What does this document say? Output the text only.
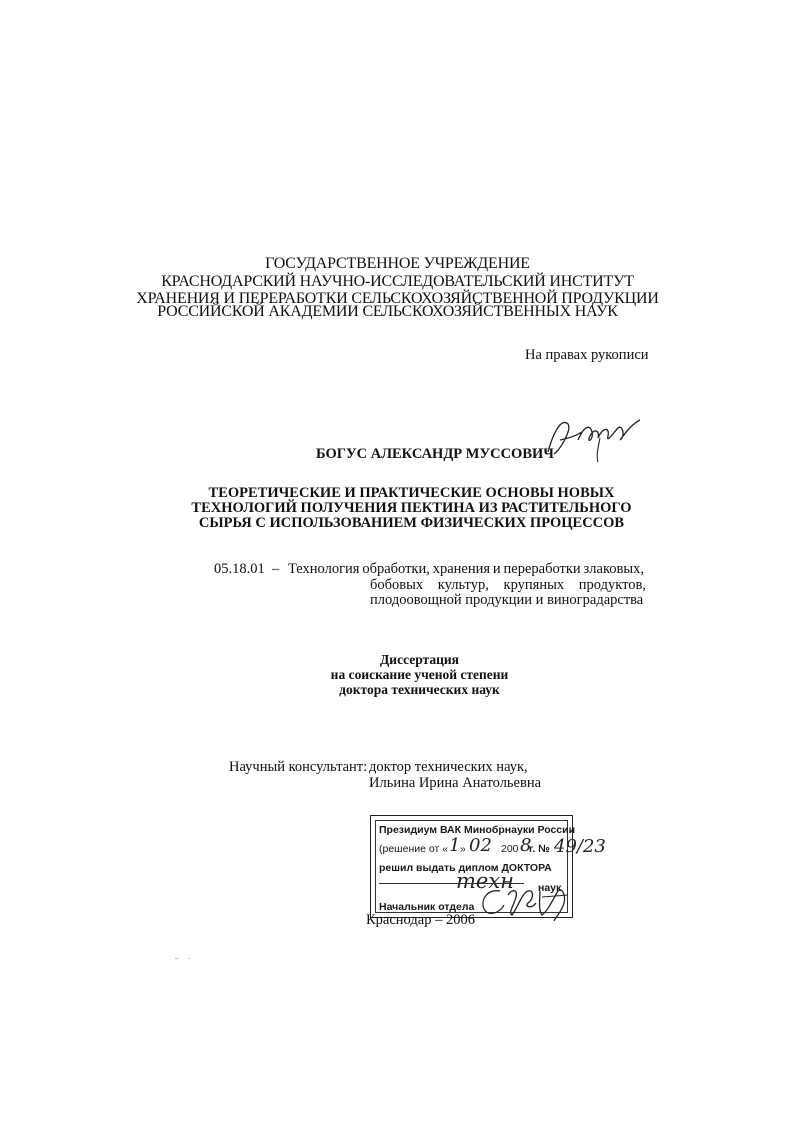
ГОСУДАРСТВЕННОЕ УЧРЕЖДЕНИЕ
КРАСНОДАРСКИЙ НАУЧНО-ИССЛЕДОВАТЕЛЬСКИЙ ИНСТИТУТ
ХРАНЕНИЯ И ПЕРЕРАБОТКИ СЕЛЬСКОХОЗЯЙСТВЕННОЙ ПРОДУКЦИИ
РОССИЙСКОЙ АКАДЕМИИ СЕЛЬСКОХОЗЯЙСТВЕННЫХ НАУК
На правах рукописи
БОГУС АЛЕКСАНДР МУССОВИЧ
ТЕОРЕТИЧЕСКИЕ И ПРАКТИЧЕСКИЕ ОСНОВЫ НОВЫХ
ТЕХНОЛОГИЙ ПОЛУЧЕНИЯ ПЕКТИНА ИЗ РАСТИТЕЛЬНОГО
СЫРЬЯ С ИСПОЛЬЗОВАНИЕМ ФИЗИЧЕСКИХ ПРОЦЕССОВ
05.18.01 – Технология обработки, хранения и переработки злаковых,
бобовых культур, крупяных продуктов,
плодоовощной продукции и виноградарства
Диссертация
на соискание ученой степени
доктора технических наук
Научный консультант: доктор технических наук,
Ильина Ирина Анатольевна
Президиум ВАК Минобрнауки России
(решение от « 1 » 02 200 8
г. № 49/23
решил выдать диплом ДОКТОРА
техн наук
Начальник отдела
Краснодар – 2006
